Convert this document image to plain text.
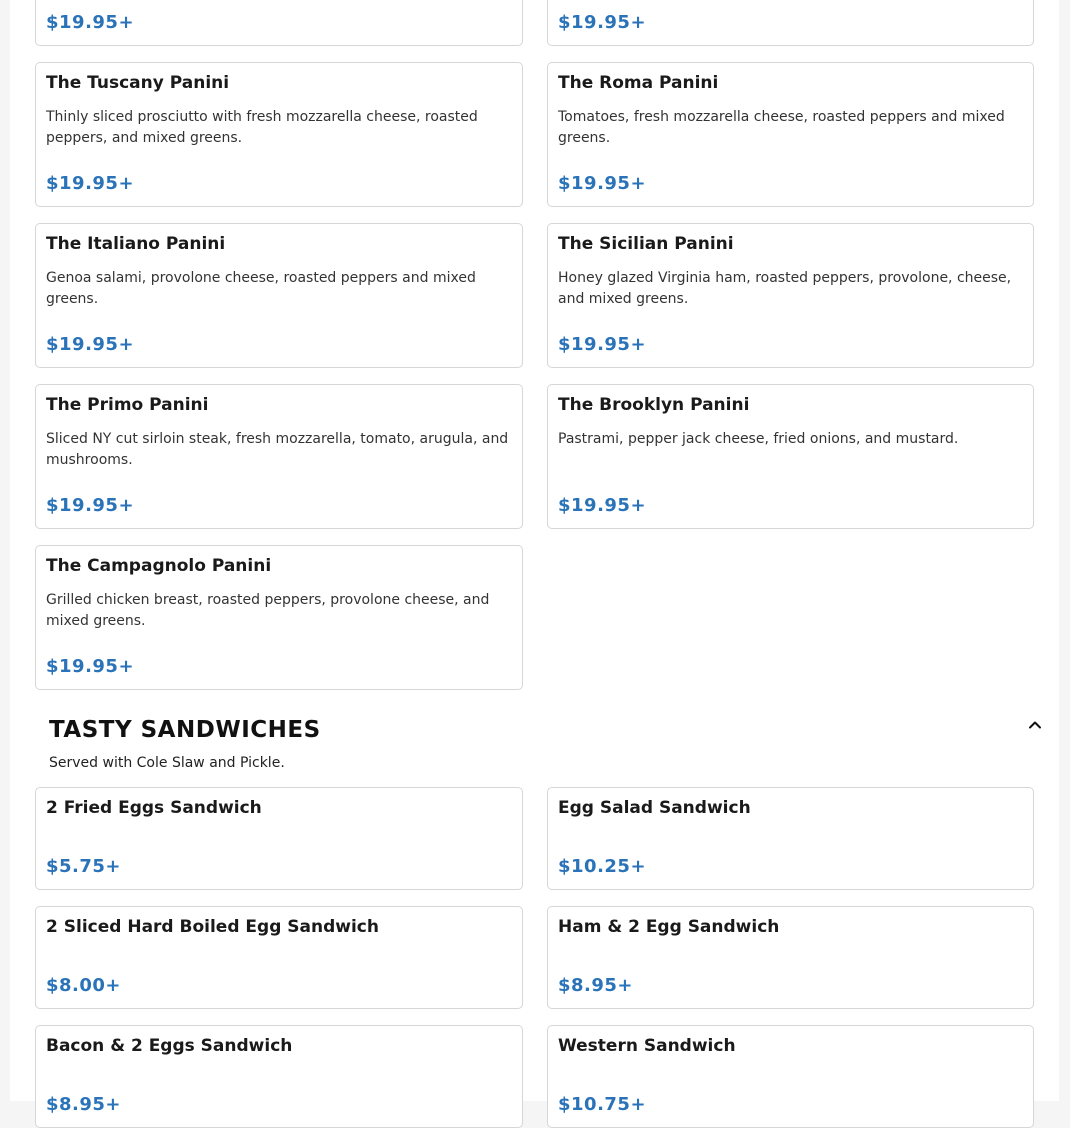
$19.95+	$19.95+
The Tuscany Panini
Thinly sliced prosciutto with fresh mozzarella cheese, roasted peppers, and mixed greens.
$19.95+
The Roma Panini
Tomatoes, fresh mozzarella cheese, roasted peppers and mixed greens.
$19.95+
The Italiano Panini
Genoa salami, provolone cheese, roasted peppers and mixed greens.
$19.95+
The Sicilian Panini
Honey glazed Virginia ham, roasted peppers, provolone, cheese, and mixed greens.
$19.95+
The Primo Panini
Sliced NY cut sirloin steak, fresh mozzarella, tomato, arugula, and mushrooms.
$19.95+
The Brooklyn Panini
Pastrami, pepper jack cheese, fried onions, and mustard.
$19.95+
The Campagnolo Panini
Grilled chicken breast, roasted peppers, provolone cheese, and mixed greens.
$19.95+
TASTY SANDWICHES
Served with Cole Slaw and Pickle.
2 Fried Eggs Sandwich
$5.75+
Egg Salad Sandwich
$10.25+
2 Sliced Hard Boiled Egg Sandwich
$8.00+
Ham & 2 Egg Sandwich
$8.95+
Bacon & 2 Eggs Sandwich
$8.95+
Western Sandwich
$10.75+
